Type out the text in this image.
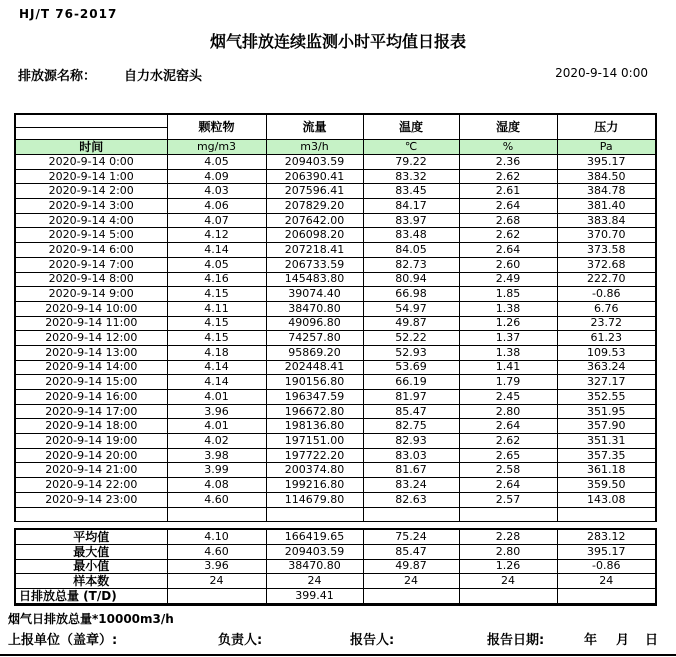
HJ/T 76-2017
烟气排放连续监测小时平均值日报表
排放源名称： 自力水泥窑头	2020-9-14 0:00
	颗粒物	流量	温度	湿度	压力

时间	mg/m3	m3/h	℃	%	Pa
2020-9-14 0:00	4.05	209403.59	79.22	2.36	395.17
2020-9-14 1:00	4.09	206390.41	83.32	2.62	384.50
2020-9-14 2:00	4.03	207596.41	83.45	2.61	384.78
2020-9-14 3:00	4.06	207829.20	84.17	2.64	381.40
2020-9-14 4:00	4.07	207642.00	83.97	2.68	383.84
2020-9-14 5:00	4.12	206098.20	83.48	2.62	370.70
2020-9-14 6:00	4.14	207218.41	84.05	2.64	373.58
2020-9-14 7:00	4.05	206733.59	82.73	2.60	372.68
2020-9-14 8:00	4.16	145483.80	80.94	2.49	222.70
2020-9-14 9:00	4.15	39074.40	66.98	1.85	-0.86
2020-9-14 10:00	4.11	38470.80	54.97	1.38	6.76
2020-9-14 11:00	4.15	49096.80	49.87	1.26	23.72
2020-9-14 12:00	4.15	74257.80	52.22	1.37	61.23
2020-9-14 13:00	4.18	95869.20	52.93	1.38	109.53
2020-9-14 14:00	4.14	202448.41	53.69	1.41	363.24
2020-9-14 15:00	4.14	190156.80	66.19	1.79	327.17
2020-9-14 16:00	4.01	196347.59	81.97	2.45	352.55
2020-9-14 17:00	3.96	196672.80	85.47	2.80	351.95
2020-9-14 18:00	4.01	198136.80	82.75	2.64	357.90
2020-9-14 19:00	4.02	197151.00	82.93	2.62	351.31
2020-9-14 20:00	3.98	197722.20	83.03	2.65	357.35
2020-9-14 21:00	3.99	200374.80	81.67	2.58	361.18
2020-9-14 22:00	4.08	199216.80	83.24	2.64	359.50
2020-9-14 23:00	4.60	114679.80	82.63	2.57	143.08

平均值	4.10	166419.65	75.24	2.28	283.12
最大值	4.60	209403.59	85.47	2.80	395.17
最小值	3.96	38470.80	49.87	1.26	-0.86
样本数	24	24	24	24	24
日排放总量 (T/D)		399.41			
烟气日排放总量*10000m3/h
上报单位（盖章）:	负责人:	报告人:	报告日期:	年 月 日
